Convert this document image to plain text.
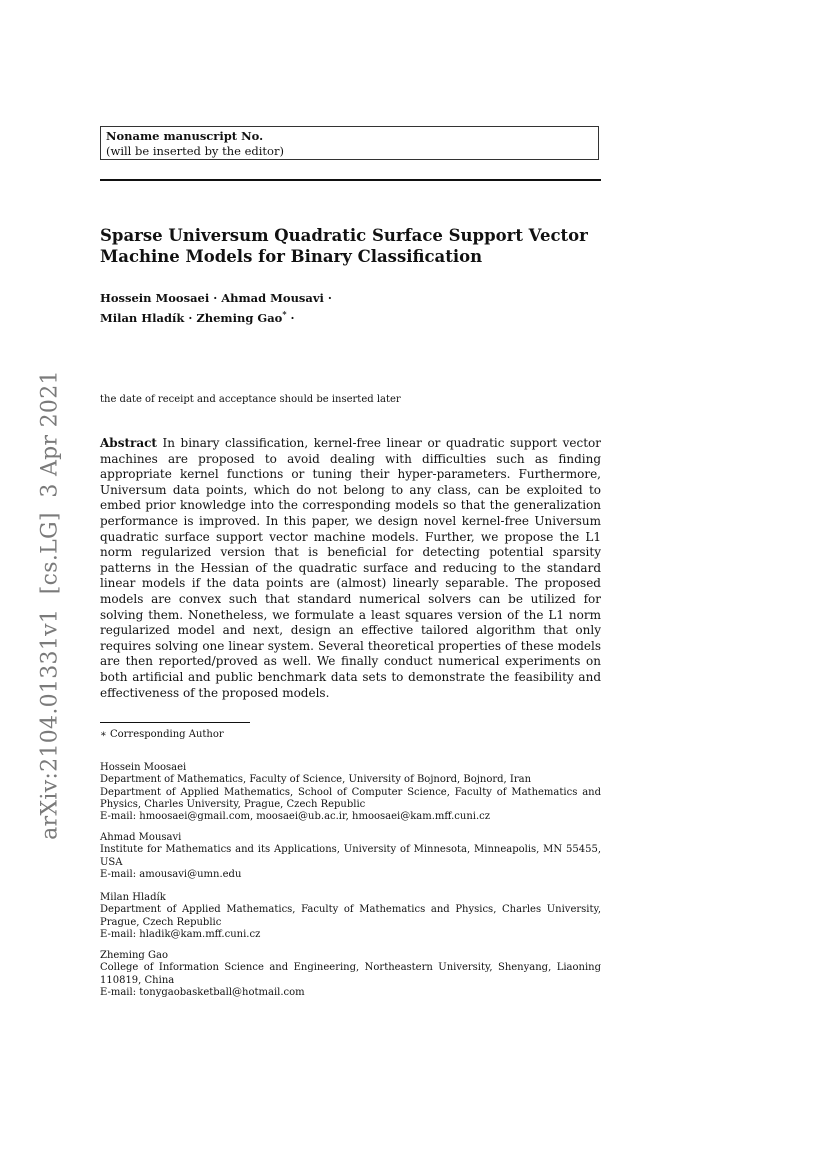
Noname manuscript No.
(will be inserted by the editor)
Sparse Universum Quadratic Surface Support Vector
Machine Models for Binary Classification
Hossein Moosaei · Ahmad Mousavi ·
Milan Hladík · Zheming Gao* ·
the date of receipt and acceptance should be inserted later
Abstract In binary classification, kernel-free linear or quadratic support vector machines are proposed to avoid dealing with difficulties such as finding appropriate kernel functions or tuning their hyper-parameters. Furthermore, Universum data points, which do not belong to any class, can be exploited to embed prior knowledge into the corresponding models so that the generalization performance is improved. In this paper, we design novel kernel-free Universum quadratic surface support vector machine models. Further, we propose the L1 norm regularized version that is beneficial for detecting potential sparsity patterns in the Hessian of the quadratic surface and reducing to the standard linear models if the data points are (almost) linearly separable. The proposed models are convex such that standard numerical solvers can be utilized for solving them. Nonetheless, we formulate a least squares version of the L1 norm regularized model and next, design an effective tailored algorithm that only requires solving one linear system. Several theoretical properties of these models are then reported/proved as well. We finally conduct numerical experiments on both artificial and public benchmark data sets to demonstrate the feasibility and effectiveness of the proposed models.
∗ Corresponding Author
Hossein Moosaei
Department of Mathematics, Faculty of Science, University of Bojnord, Bojnord, Iran
Department of Applied Mathematics, School of Computer Science, Faculty of Mathematics and Physics, Charles University, Prague, Czech Republic
E-mail: hmoosaei@gmail.com, moosaei@ub.ac.ir, hmoosaei@kam.mff.cuni.cz
Ahmad Mousavi
Institute for Mathematics and its Applications, University of Minnesota, Minneapolis, MN 55455, USA
E-mail: amousavi@umn.edu
Milan Hladík
Department of Applied Mathematics, Faculty of Mathematics and Physics, Charles University, Prague, Czech Republic
E-mail: hladik@kam.mff.cuni.cz
Zheming Gao
College of Information Science and Engineering, Northeastern University, Shenyang, Liaoning 110819, China
E-mail: tonygaobasketball@hotmail.com
arXiv:2104.01331v1  [cs.LG]  3 Apr 2021
